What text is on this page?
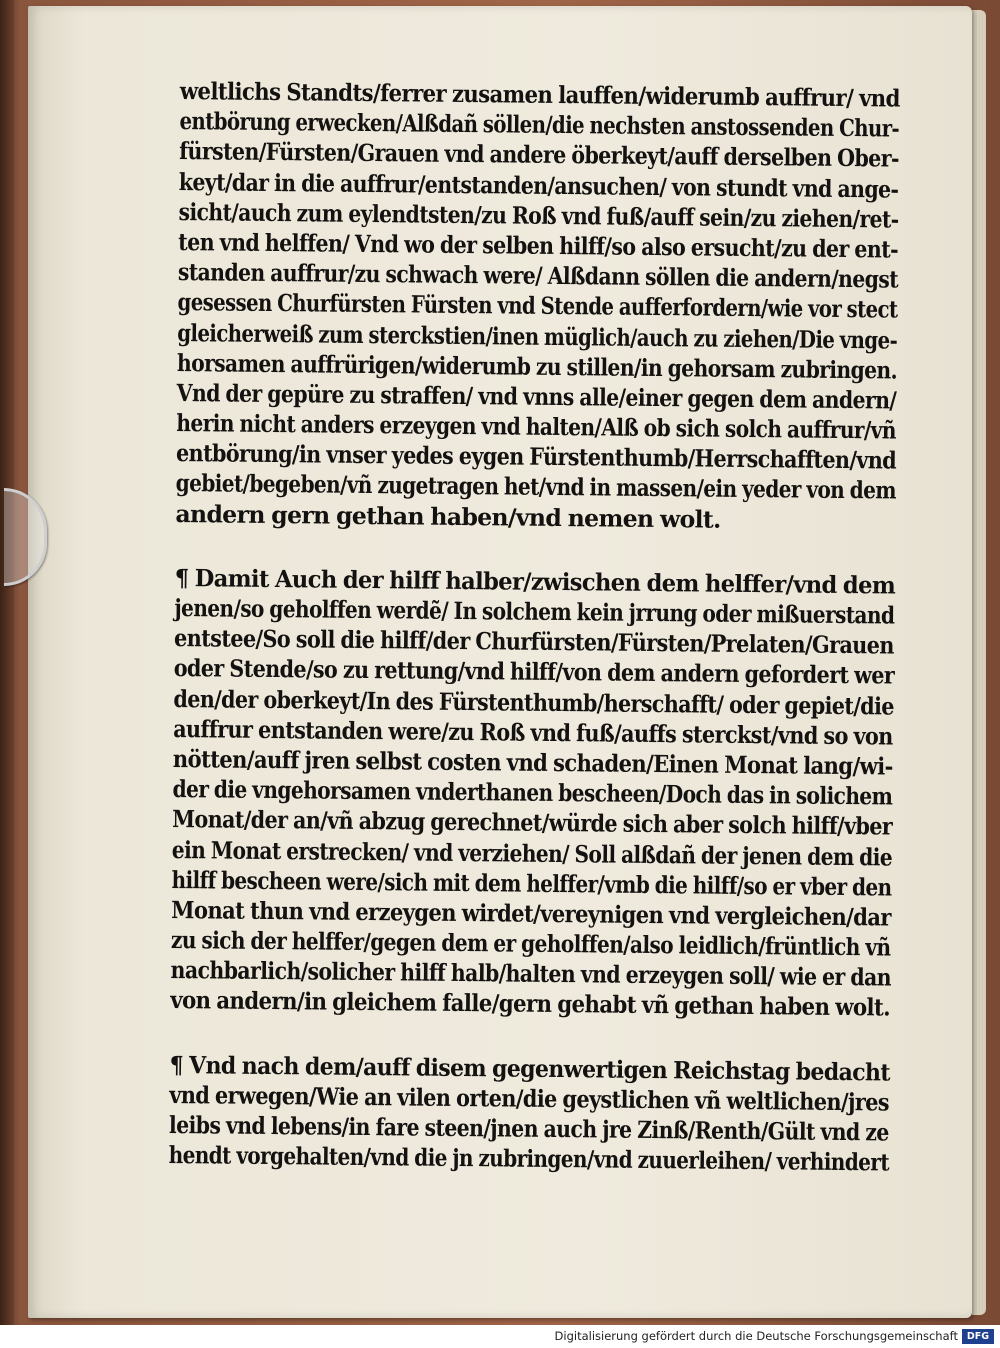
weltlichs Standts/ferrer zusamen lauffen/widerumb auffrur/ vnd
entbörung erwecken/Alßdañ söllen/die nechsten anstossenden Chur-
fürsten/Fürsten/Grauen vnd andere öberkeyt/auff derselben Ober-
keyt/dar in die auffrur/entstanden/ansuchen/ von stundt vnd ange-
sicht/auch zum eylendtsten/zu Roß vnd fuß/auff sein/zu ziehen/ret-
ten vnd helffen/ Vnd wo der selben hilff/so also ersucht/zu der ent-
standen auffrur/zu schwach were/ Alßdann söllen die andern/negst
gesessen Churfürsten Fürsten vnd Stende aufferfordern/wie vor stect
gleicherweiß zum sterckstien/inen müglich/auch zu ziehen/Die vnge-
horsamen auffrürigen/widerumb zu stillen/in gehorsam zubringen.
Vnd der gepüre zu straffen/ vnd vnns alle/einer gegen dem andern/
herin nicht anders erzeygen vnd halten/Alß ob sich solch auffrur/vñ
entbörung/in vnser yedes eygen Fürstenthumb/Herrschafften/vnd
gebiet/begeben/vñ zugetragen het/vnd in massen/ein yeder von dem
andern gern gethan haben/vnd nemen wolt.
¶ Damit Auch der hilff halber/zwischen dem helffer/vnd dem
jenen/so geholffen werdẽ/ In solchem kein jrrung oder mißuerstand
entstee/So soll die hilff/der Churfürsten/Fürsten/Prelaten/Grauen
oder Stende/so zu rettung/vnd hilff/von dem andern gefordert wer
den/der oberkeyt/In des Fürstenthumb/herschafft/ oder gepiet/die
auffrur entstanden were/zu Roß vnd fuß/auffs sterckst/vnd so von
nötten/auff jren selbst costen vnd schaden/Einen Monat lang/wi-
der die vngehorsamen vnderthanen bescheen/Doch das in solichem
Monat/der an/vñ abzug gerechnet/würde sich aber solch hilff/vber
ein Monat erstrecken/ vnd verziehen/ Soll alßdañ der jenen dem die
hilff bescheen were/sich mit dem helffer/vmb die hilff/so er vber den
Monat thun vnd erzeygen wirdet/vereynigen vnd vergleichen/dar
zu sich der helffer/gegen dem er geholffen/also leidlich/früntlich vñ
nachbarlich/solicher hilff halb/halten vnd erzeygen soll/ wie er dan
von andern/in gleichem falle/gern gehabt vñ gethan haben wolt.
¶ Vnd nach dem/auff disem gegenwertigen Reichstag bedacht
vnd erwegen/Wie an vilen orten/die geystlichen vñ weltlichen/jres
leibs vnd lebens/in fare steen/jnen auch jre Zinß/Renth/Gült vnd ze
hendt vorgehalten/vnd die jn zubringen/vnd zuuerleihen/ verhindert
Digitalisierung gefördert durch die Deutsche Forschungsgemeinschaft DFG
